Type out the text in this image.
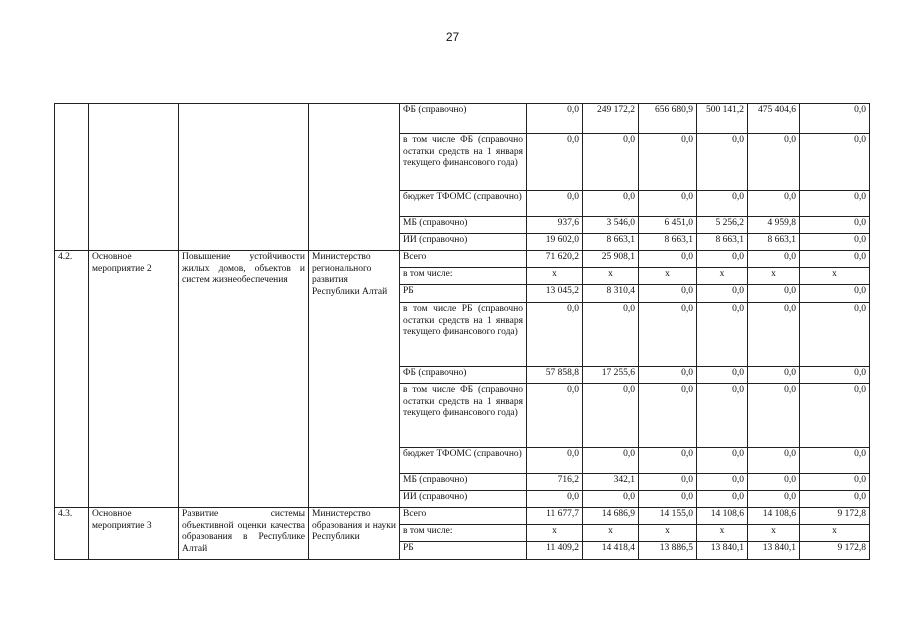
27
				ФБ (справочно)	0,0	249 172,2	656 680,9	500 141,2	475 404,6	0,0
				в том числе ФБ (справочно остатки средств на 1 января текущего финансового года)	0,0	0,0	0,0	0,0	0,0	0,0
				бюджет ТФОМС (справочно)	0,0	0,0	0,0	0,0	0,0	0,0
				МБ (справочно)	937,6	3 546,0	6 451,0	5 256,2	4 959,8	0,0
				ИИ (справочно)	19 602,0	8 663,1	8 663,1	8 663,1	8 663,1	0,0
4.2.	Основное мероприятие 2	Повышение устойчивости жилых домов, объектов и систем жизнеобеспечения	Министерство регионального развития Республики Алтай	Всего	71 620,2	25 908,1	0,0	0,0	0,0	0,0
				в том числе:	х	х	х	х	х	х
				РБ	13 045,2	8 310,4	0,0	0,0	0,0	0,0
				в том числе РБ (справочно остатки средств на 1 января текущего финансового года)	0,0	0,0	0,0	0,0	0,0	0,0
				ФБ (справочно)	57 858,8	17 255,6	0,0	0,0	0,0	0,0
				в том числе ФБ (справочно остатки средств на 1 января текущего финансового года)	0,0	0,0	0,0	0,0	0,0	0,0
				бюджет ТФОМС (справочно)	0,0	0,0	0,0	0,0	0,0	0,0
				МБ (справочно)	716,2	342,1	0,0	0,0	0,0	0,0
				ИИ (справочно)	0,0	0,0	0,0	0,0	0,0	0,0
4.3.	Основное мероприятие 3	Развитие системы объективной оценки качества образования в Республике Алтай	Министерство образования и науки Республики	Всего	11 677,7	14 686,9	14 155,0	14 108,6	14 108,6	9 172,8
				в том числе:	х	х	х	х	х	х
				РБ	11 409,2	14 418,4	13 886,5	13 840,1	13 840,1	9 172,8
